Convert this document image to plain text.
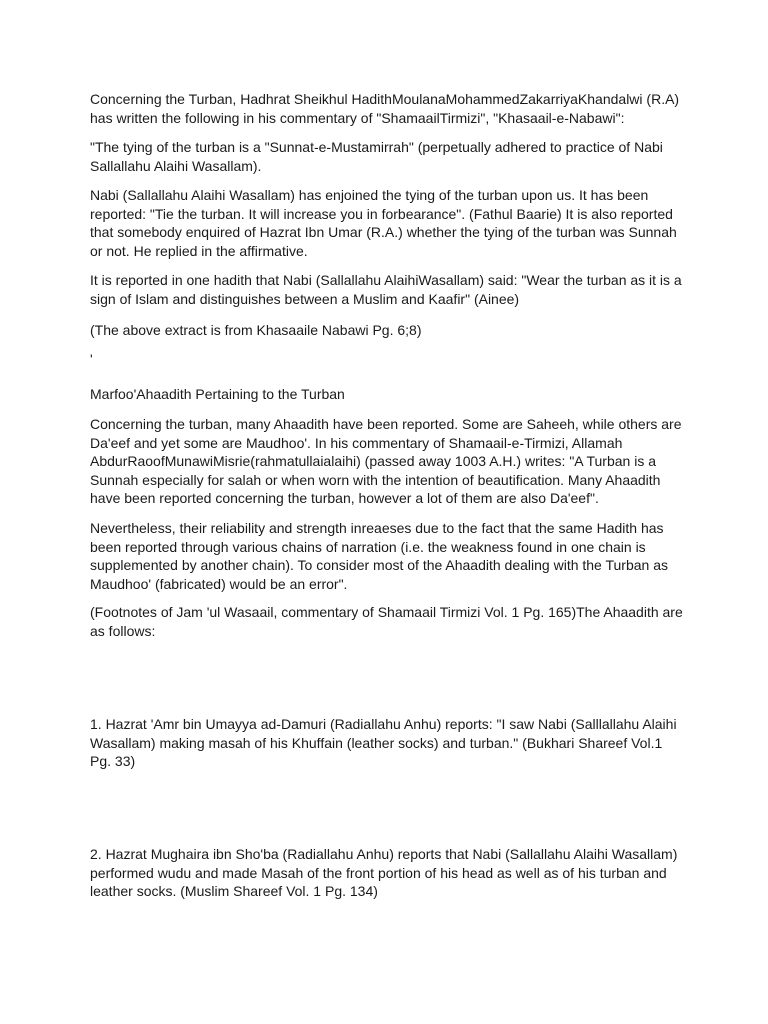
Concerning the Turban, Hadhrat Sheikhul HadithMoulanaMohammedZakarriyaKhandalwi (R.A)
has written the following in his commentary of "ShamaailTirmizi", "Khasaail-e-Nabawi":

"The tying of the turban is a "Sunnat-e-Mustamirrah" (perpetually adhered to practice of Nabi
Sallallahu Alaihi Wasallam).

Nabi (Sallallahu Alaihi Wasallam) has enjoined the tying of the turban upon us. It has been
reported: "Tie the turban. It will increase you in forbearance". (Fathul Baarie) It is also reported
that somebody enquired of Hazrat Ibn Umar (R.A.) whether the tying of the turban was Sunnah
or not. He replied in the affirmative.

It is reported in one hadith that Nabi (Sallallahu AlaihiWasallam) said: "Wear the turban as it is a
sign of Islam and distinguishes between a Muslim and Kaafir" (Ainee)

(The above extract is from Khasaaile Nabawi Pg. 6;8)

'

Marfoo'Ahaadith Pertaining to the Turban

Concerning the turban, many Ahaadith have been reported. Some are Saheeh, while others are
Da'eef and yet some are Maudhoo'. In his commentary of Shamaail-e-Tirmizi, Allamah
AbdurRaoofMunawiMisrie(rahmatullaialaihi) (passed away 1003 A.H.) writes: "A Turban is a
Sunnah especially for salah or when worn with the intention of beautification. Many Ahaadith
have been reported concerning the turban, however a lot of them are also Da'eef".

Nevertheless, their reliability and strength inreaeses due to the fact that the same Hadith has
been reported through various chains of narration (i.e. the weakness found in one chain is
supplemented by another chain). To consider most of the Ahaadith dealing with the Turban as
Maudhoo' (fabricated) would be an error".

(Footnotes of Jam 'ul Wasaail, commentary of Shamaail Tirmizi Vol. 1 Pg. 165)The Ahaadith are
as follows:

1. Hazrat 'Amr bin Umayya ad-Damuri (Radiallahu Anhu) reports: "I saw Nabi (Salllallahu Alaihi
Wasallam) making masah of his Khuffain (leather socks) and turban." (Bukhari Shareef Vol.1
Pg. 33)

2. Hazrat Mughaira ibn Sho'ba (Radiallahu Anhu) reports that Nabi (Sallallahu Alaihi Wasallam)
performed wudu and made Masah of the front portion of his head as well as of his turban and
leather socks. (Muslim Shareef Vol. 1 Pg. 134)
